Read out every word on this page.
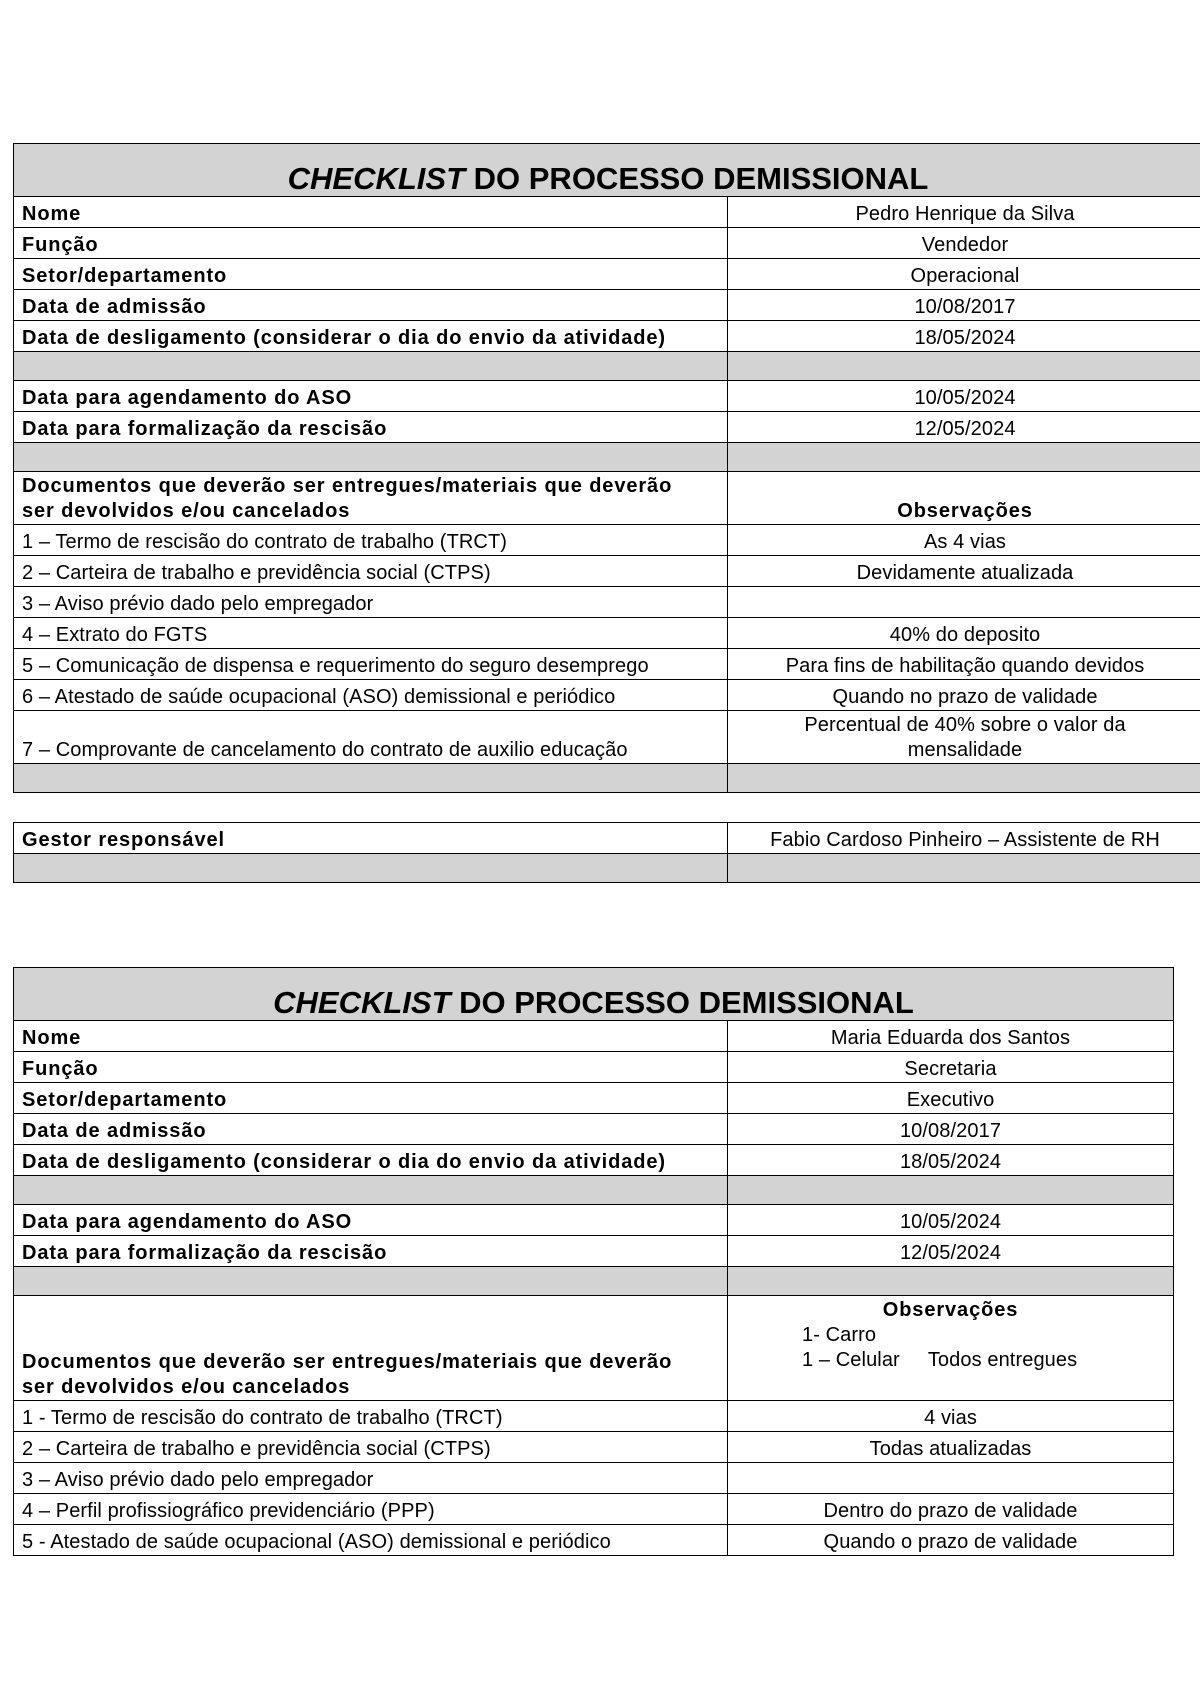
CHECKLIST DO PROCESSO DEMISSIONAL	
Nome	Pedro Henrique da Silva
Função	Vendedor
Setor/departamento	Operacional
Data de admissão	10/08/2017
Data de desligamento (considerar o dia do envio da atividade)	18/05/2024

Data para agendamento do ASO	10/05/2024
Data para formalização da rescisão	12/05/2024

Documentos que deverão ser entregues/materiais que deverão
ser devolvidos e/ou cancelados	Observações
1 – Termo de rescisão do contrato de trabalho (TRCT)	As 4 vias
2 – Carteira de trabalho e previdência social (CTPS)	Devidamente atualizada
3 – Aviso prévio dado pelo empregador	
4 – Extrato do FGTS	40% do deposito
5 – Comunicação de dispensa e requerimento do seguro desemprego	Para fins de habilitação quando devidos
6 – Atestado de saúde ocupacional (ASO) demissional e periódico	Quando no prazo de validade
7 – Comprovante de cancelamento do contrato de auxilio educação	Percentual de 40% sobre o valor da
mensalidade

Gestor responsável	Fabio Cardoso Pinheiro – Assistente de RH

CHECKLIST DO PROCESSO DEMISSIONAL	
Nome	Maria Eduarda dos Santos
Função	Secretaria
Setor/departamento	Executivo
Data de admissão	10/08/2017
Data de desligamento (considerar o dia do envio da atividade)	18/05/2024

Data para agendamento do ASO	10/05/2024
Data para formalização da rescisão	12/05/2024

Documentos que deverão ser entregues/materiais que deverão
ser devolvidos e/ou cancelados	Observações
1- Carro
1 – Celular Todos entregues

1 - Termo de rescisão do contrato de trabalho (TRCT)	4 vias
2 – Carteira de trabalho e previdência social (CTPS)	Todas atualizadas
3 – Aviso prévio dado pelo empregador	
4 – Perfil profissiográfico previdenciário (PPP)	Dentro do prazo de validade
5 - Atestado de saúde ocupacional (ASO) demissional e periódico	Quando o prazo de validade
